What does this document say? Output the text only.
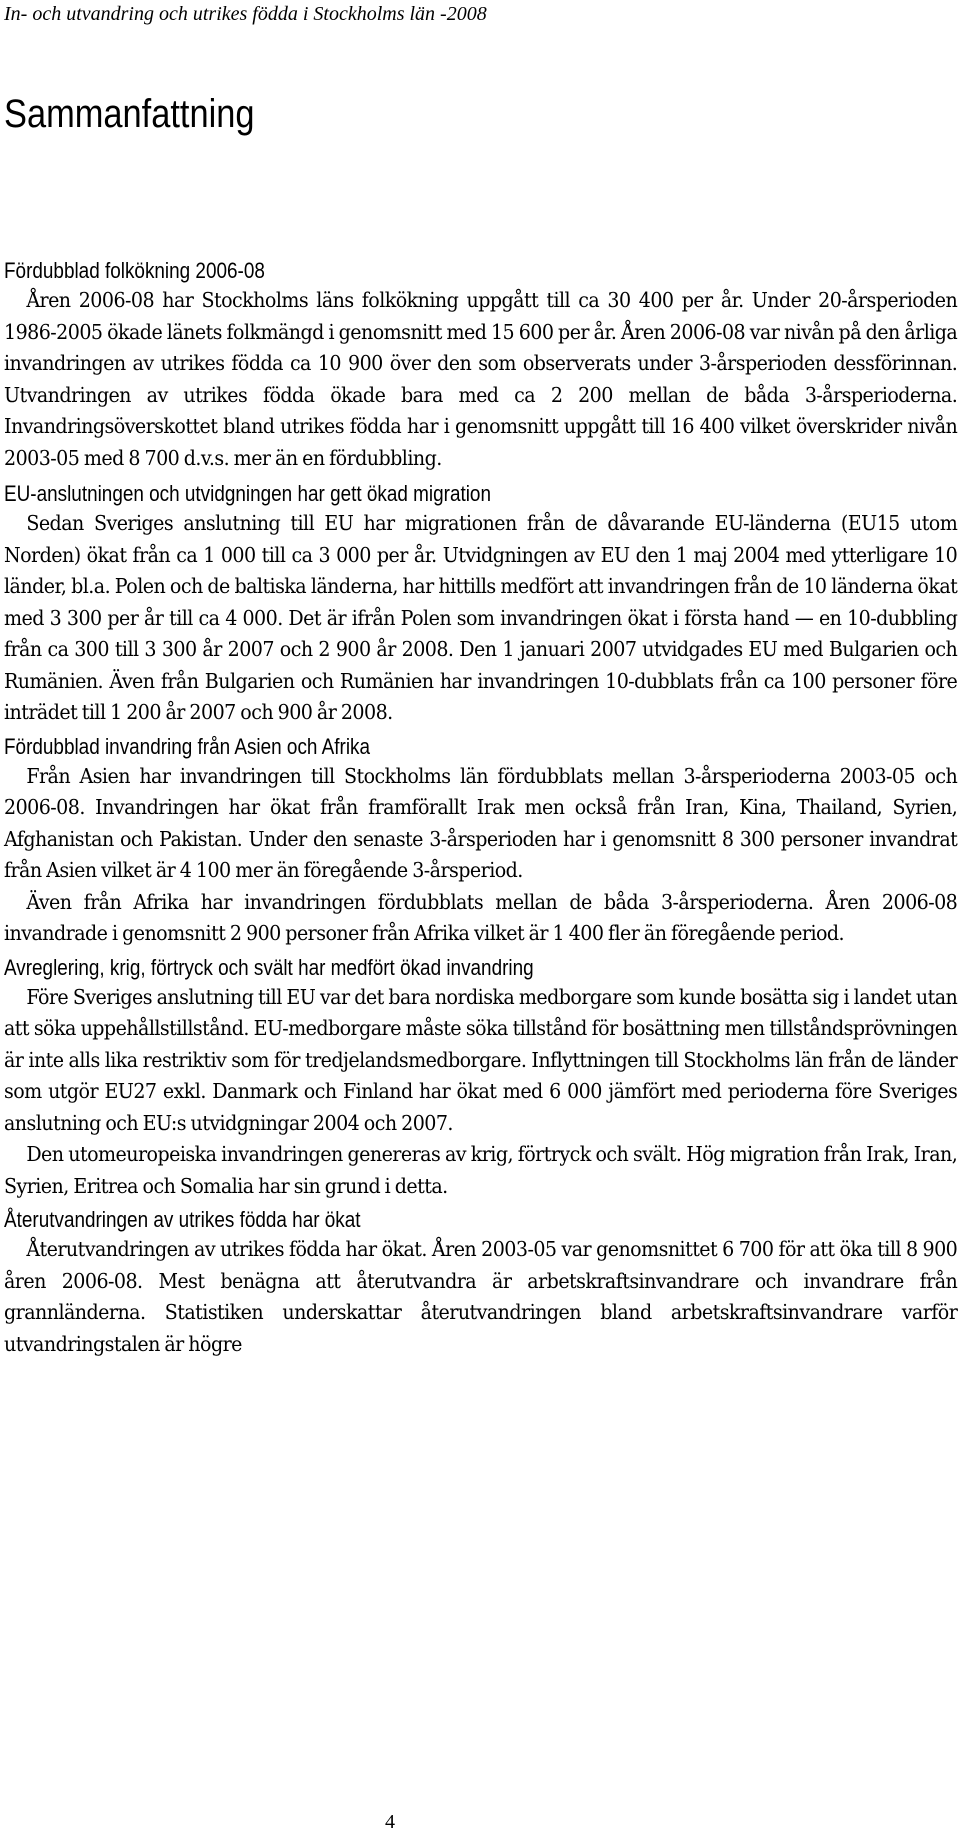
In- och utvandring och utrikes födda i Stockholms län -2008
Sammanfattning
Fördubblad folkökning 2006-08

Åren 2006-08 har Stockholms läns folkökning uppgått till ca 30 400 per år. Under 20-årsperioden 1986-2005 ökade länets folkmängd i genomsnitt med 15 600 per år. Åren 2006-08 var nivån på den årliga invandringen av utrikes födda ca 10 900 över den som observerats under 3-årsperioden dessförinnan. Utvandringen av utrikes födda ökade bara med ca 2 200 mellan de båda 3-årsperioderna. Invandringsöverskottet bland utrikes födda har i genomsnitt uppgått till 16 400 vilket överskrider nivån 2003-05 med 8 700 d.v.s. mer än en fördubbling.

EU-anslutningen och utvidgningen har gett ökad migration

Sedan Sveriges anslutning till EU har migrationen från de dåvarande EU-länderna (EU15 utom Norden) ökat från ca 1 000 till ca 3 000 per år. Utvidgningen av EU den 1 maj 2004 med ytterligare 10 länder, bl.a. Polen och de baltiska länderna, har hittills medfört att invandringen från de 10 länderna ökat med 3 300 per år till ca 4 000. Det är ifrån Polen som invandringen ökat i första hand — en 10-dubbling från ca 300 till 3 300 år 2007 och 2 900 år 2008. Den 1 januari 2007 utvidgades EU med Bulgarien och Rumänien. Även från Bulgarien och Rumänien har invandringen 10-dubblats från ca 100 personer före inträdet till 1 200 år 2007 och 900 år 2008.

Fördubblad invandring från Asien och Afrika

Från Asien har invandringen till Stockholms län fördubblats mellan 3-årsperioderna 2003-05 och 2006-08. Invandringen har ökat från framförallt Irak men också från Iran, Kina, Thailand, Syrien, Afghanistan och Pakistan. Under den senaste 3-årsperioden har i genomsnitt 8 300 personer invandrat från Asien vilket är 4 100 mer än föregående 3-årsperiod.

Även från Afrika har invandringen fördubblats mellan de båda 3-årsperioderna. Åren 2006-08 invandrade i genomsnitt 2 900 personer från Afrika vilket är 1 400 fler än föregående period.

Avreglering, krig, förtryck och svält har medfört ökad invandring

Före Sveriges anslutning till EU var det bara nordiska medborgare som kunde bosätta sig i landet utan att söka uppehållstillstånd. EU-medborgare måste söka tillstånd för bosättning men tillståndsprövningen är inte alls lika restriktiv som för tredjelandsmedborgare. Inflyttningen till Stockholms län från de länder som utgör EU27 exkl. Danmark och Finland har ökat med 6 000 jämfört med perioderna före Sveriges anslutning och EU:s utvidgningar 2004 och 2007.

Den utomeuropeiska invandringen genereras av krig, förtryck och svält. Hög migration från Irak, Iran, Syrien, Eritrea och Somalia har sin grund i detta.

Återutvandringen av utrikes födda har ökat

Återutvandringen av utrikes födda har ökat. Åren 2003-05 var genomsnittet 6 700 för att öka till 8 900 åren 2006-08. Mest benägna att återutvandra är arbetskraftsinvandrare och invandrare från grannländerna. Statistiken underskattar återutvandringen bland arbetskraftsinvandrare varför utvandringstalen är högre

4
